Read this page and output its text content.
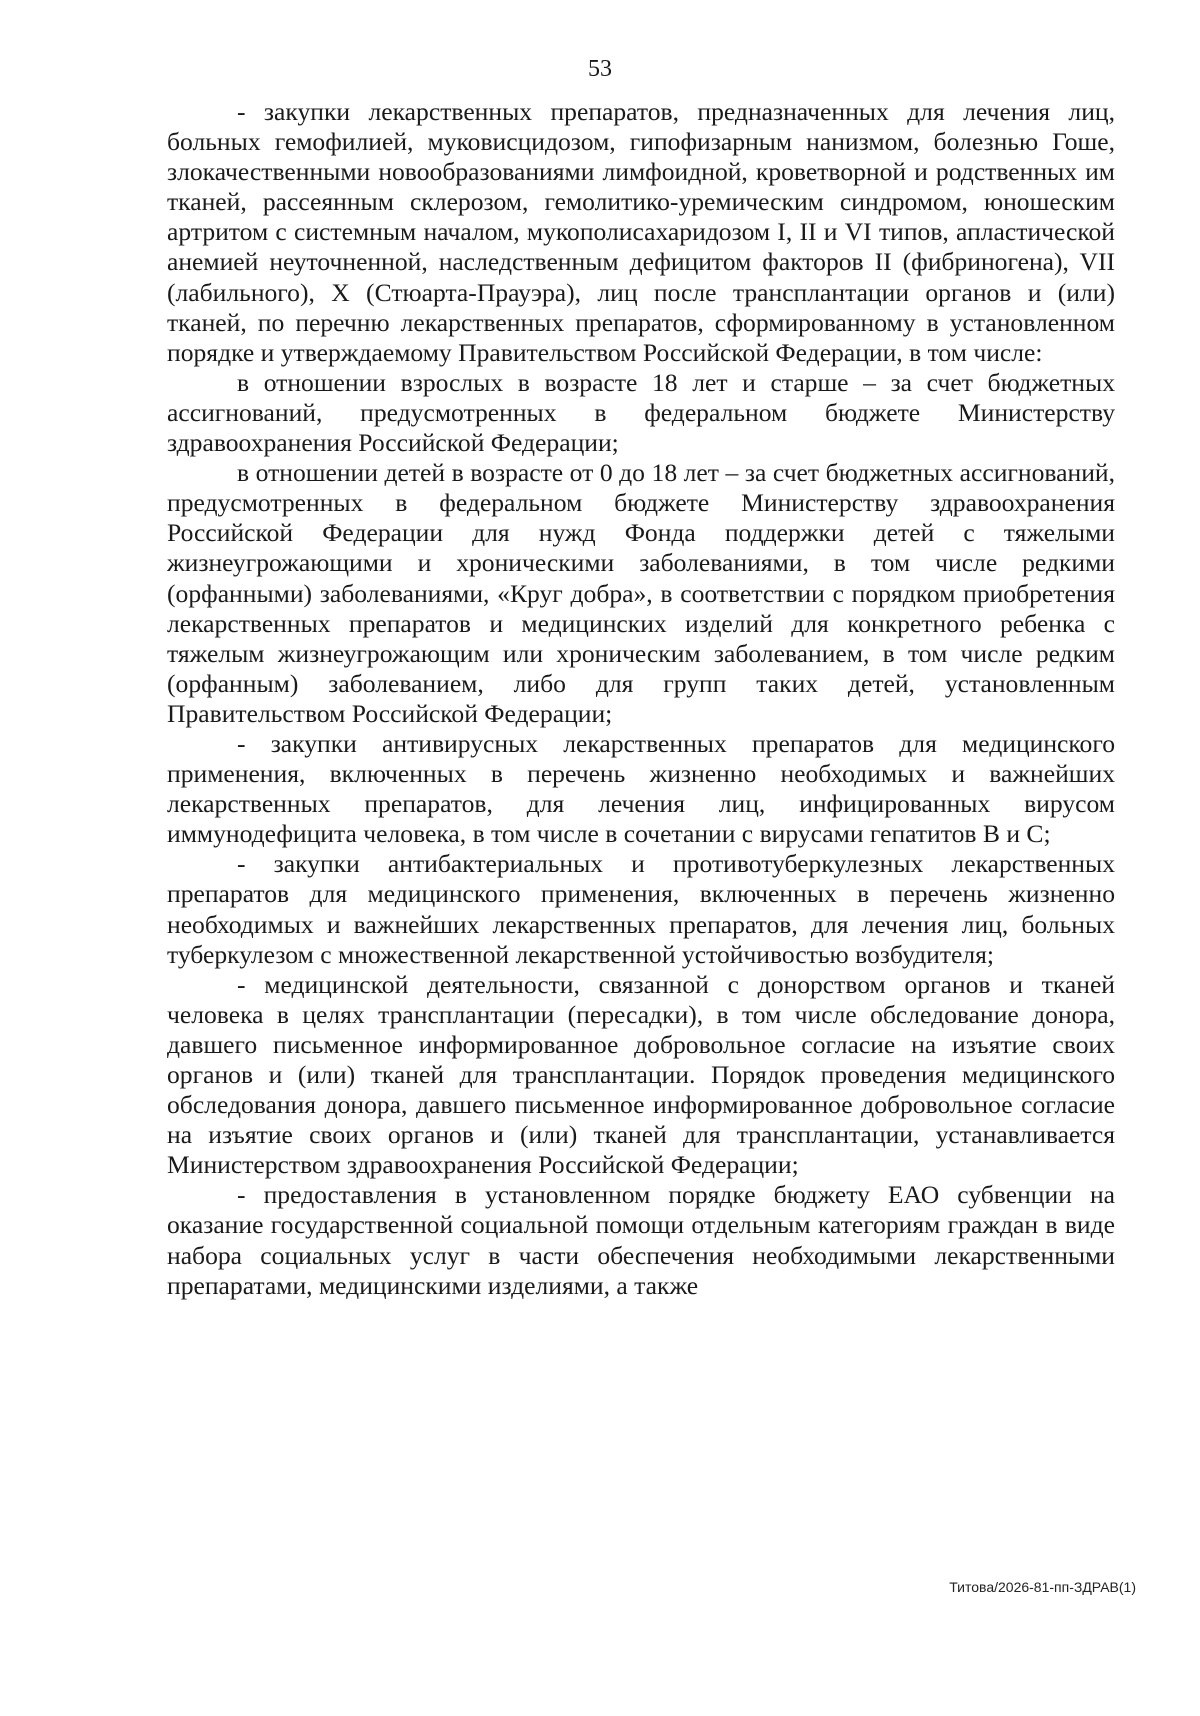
53

- закупки лекарственных препаратов, предназначенных для лечения лиц, больных гемофилией, муковисцидозом, гипофизарным нанизмом, болезнью Гоше, злокачественными новообразованиями лимфоидной, кроветворной и родственных им тканей, рассеянным склерозом, гемолитико-уремическим синдромом, юношеским артритом с системным началом, мукополисахаридозом I, II и VI типов, апластической анемией неуточненной, наследственным дефицитом факторов II (фибриногена), VII (лабильного), X (Стюарта-Прауэра), лиц после трансплантации органов и (или) тканей, по перечню лекарственных препаратов, сформированному в установленном порядке и утверждаемому Правительством Российской Федерации, в том числе:

в отношении взрослых в возрасте 18 лет и старше – за счет бюджетных ассигнований, предусмотренных в федеральном бюджете Министерству здравоохранения Российской Федерации;

в отношении детей в возрасте от 0 до 18 лет – за счет бюджетных ассигнований, предусмотренных в федеральном бюджете Министерству здравоохранения Российской Федерации для нужд Фонда поддержки детей с тяжелыми жизнеугрожающими и хроническими заболеваниями, в том числе редкими (орфанными) заболеваниями, «Круг добра», в соответствии с порядком приобретения лекарственных препаратов и медицинских изделий для конкретного ребенка с тяжелым жизнеугрожающим или хроническим заболеванием, в том числе редким (орфанным) заболеванием, либо для групп таких детей, установленным Правительством Российской Федерации;

- закупки антивирусных лекарственных препаратов для медицинского применения, включенных в перечень жизненно необходимых и важнейших лекарственных препаратов, для лечения лиц, инфицированных вирусом иммунодефицита человека, в том числе в сочетании с вирусами гепатитов B и C;

- закупки антибактериальных и противотуберкулезных лекарственных препаратов для медицинского применения, включенных в перечень жизненно необходимых и важнейших лекарственных препаратов, для лечения лиц, больных туберкулезом с множественной лекарственной устойчивостью возбудителя;

- медицинской деятельности, связанной с донорством органов и тканей человека в целях трансплантации (пересадки), в том числе обследование донора, давшего письменное информированное добровольное согласие на изъятие своих органов и (или) тканей для трансплантации. Порядок проведения медицинского обследования донора, давшего письменное информированное добровольное согласие на изъятие своих органов и (или) тканей для трансплантации, устанавливается Министерством здравоохранения Российской Федерации;

- предоставления в установленном порядке бюджету ЕАО субвенции на оказание государственной социальной помощи отдельным категориям граждан в виде набора социальных услуг в части обеспечения необходимыми лекарственными препаратами, медицинскими изделиями, а также

Титова/2026-81-пп-ЗДРАВ(1)
